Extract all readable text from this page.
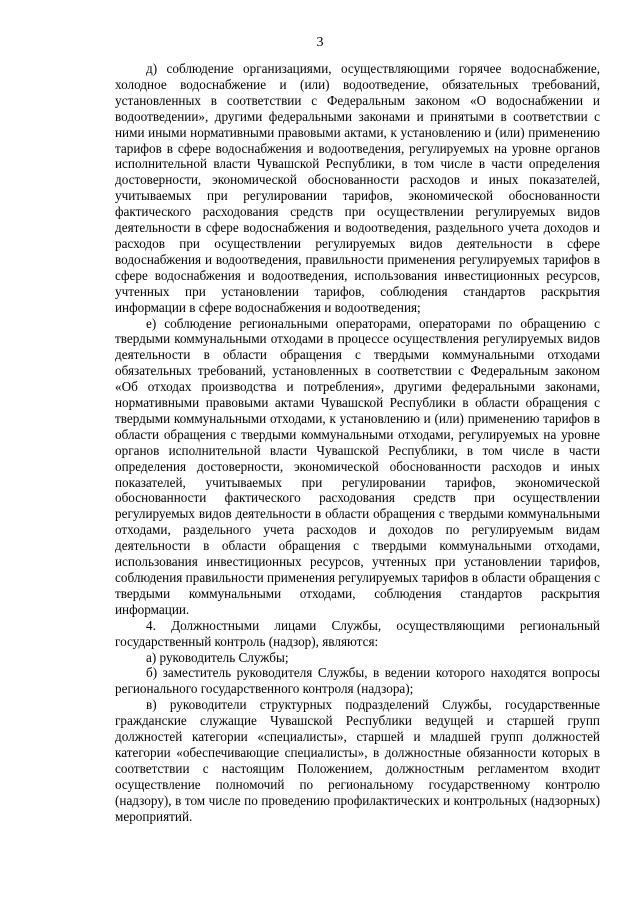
3

д) соблюдение организациями, осуществляющими горячее водоснабжение, холодное водоснабжение и (или) водоотведение, обязательных требований, установленных в соответствии с Федеральным законом «О водоснабжении и водоотведении», другими федеральными законами и принятыми в соответствии с ними иными нормативными правовыми актами, к установлению и (или) применению тарифов в сфере водоснабжения и водоотведения, регулируемых на уровне органов исполнительной власти Чувашской Республики, в том числе в части определения достоверности, экономической обоснованности расходов и иных показателей, учитываемых при регулировании тарифов, экономической обоснованности фактического расходования средств при осуществлении регулируемых видов деятельности в сфере водоснабжения и водоотведения, раздельного учета доходов и расходов при осуществлении регулируемых видов деятельности в сфере водоснабжения и водоотведения, правильности применения регулируемых тарифов в сфере водоснабжения и водоотведения, использования инвестиционных ресурсов, учтенных при установлении тарифов, соблюдения стандартов раскрытия информации в сфере водоснабжения и водоотведения;

е) соблюдение региональными операторами, операторами по обращению с твердыми коммунальными отходами в процессе осуществления регулируемых видов деятельности в области обращения с твердыми коммунальными отходами обязательных требований, установленных в соответствии с Федеральным законом «Об отходах производства и потребления», другими федеральными законами, нормативными правовыми актами Чувашской Республики в области обращения с твердыми коммунальными отходами, к установлению и (или) применению тарифов в области обращения с твердыми коммунальными отходами, регулируемых на уровне органов исполнительной власти Чувашской Республики, в том числе в части определения достоверности, экономической обоснованности расходов и иных показателей, учитываемых при регулировании тарифов, экономической обоснованности фактического расходования средств при осуществлении регулируемых видов деятельности в области обращения с твердыми коммунальными отходами, раздельного учета расходов и доходов по регулируемым видам деятельности в области обращения с твердыми коммунальными отходами, использования инвестиционных ресурсов, учтенных при установлении тарифов, соблюдения правильности применения регулируемых тарифов в области обращения с твердыми коммунальными отходами, соблюдения стандартов раскрытия информации.

4. Должностными лицами Службы, осуществляющими региональный государственный контроль (надзор), являются:

а) руководитель Службы;

б) заместитель руководителя Службы, в ведении которого находятся вопросы регионального государственного контроля (надзора);

в) руководители структурных подразделений Службы, государственные гражданские служащие Чувашской Республики ведущей и старшей групп должностей категории «специалисты», старшей и младшей групп должностей категории «обеспечивающие специалисты», в должностные обязанности которых в соответствии с настоящим Положением, должностным регламентом входит осуществление полномочий по региональному государственному контролю (надзору), в том числе по проведению профилактических и контрольных (надзорных) мероприятий.
